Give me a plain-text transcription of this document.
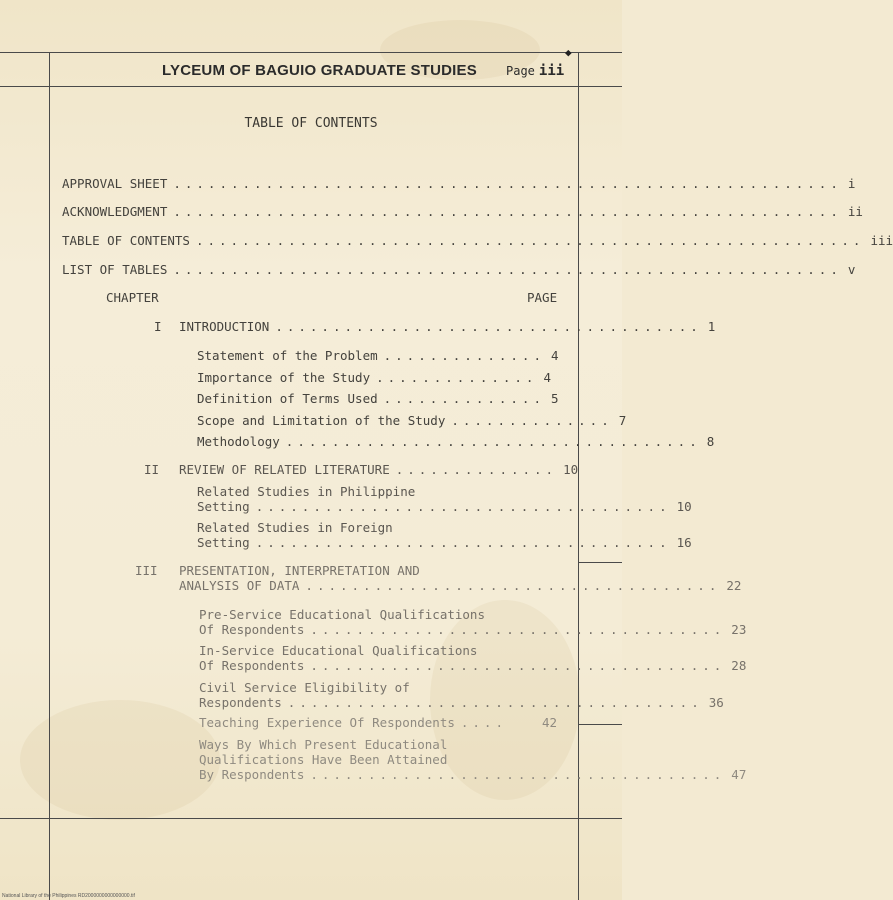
◆
LYCEUM OF BAGUIO GRADUATE STUDIES Page iii
TABLE OF CONTENTS
APPROVAL SHEET .......................................................... i
ACKNOWLEDGMENT .......................................................... ii
TABLE OF CONTENTS .......................................................... iii
LIST OF TABLES .......................................................... v
CHAPTER	PAGE
I INTRODUCTION ..................................... 1
Statement of the Problem .............. 4
Importance of the Study .............. 4
Definition of Terms Used .............. 5
Scope and Limitation of the Study .............. 7
Methodology .................................... 8
II REVIEW OF RELATED LITERATURE .............. 10
Related Studies in Philippine
Setting .................................... 10
Related Studies in Foreign
Setting .................................... 16
III PRESENTATION, INTERPRETATION AND
ANALYSIS OF DATA .................................... 22
Pre-Service Educational Qualifications
Of Respondents .................................... 23
In-Service Educational Qualifications
Of Respondents .................................... 28
Civil Service Eligibility of
Respondents .................................... 36
Teaching Experience Of Respondents ....	42
Ways By Which Present Educational
Qualifications Have Been Attained
By Respondents .................................... 47
National Library of the Philippines RD2000000000000000.tif
